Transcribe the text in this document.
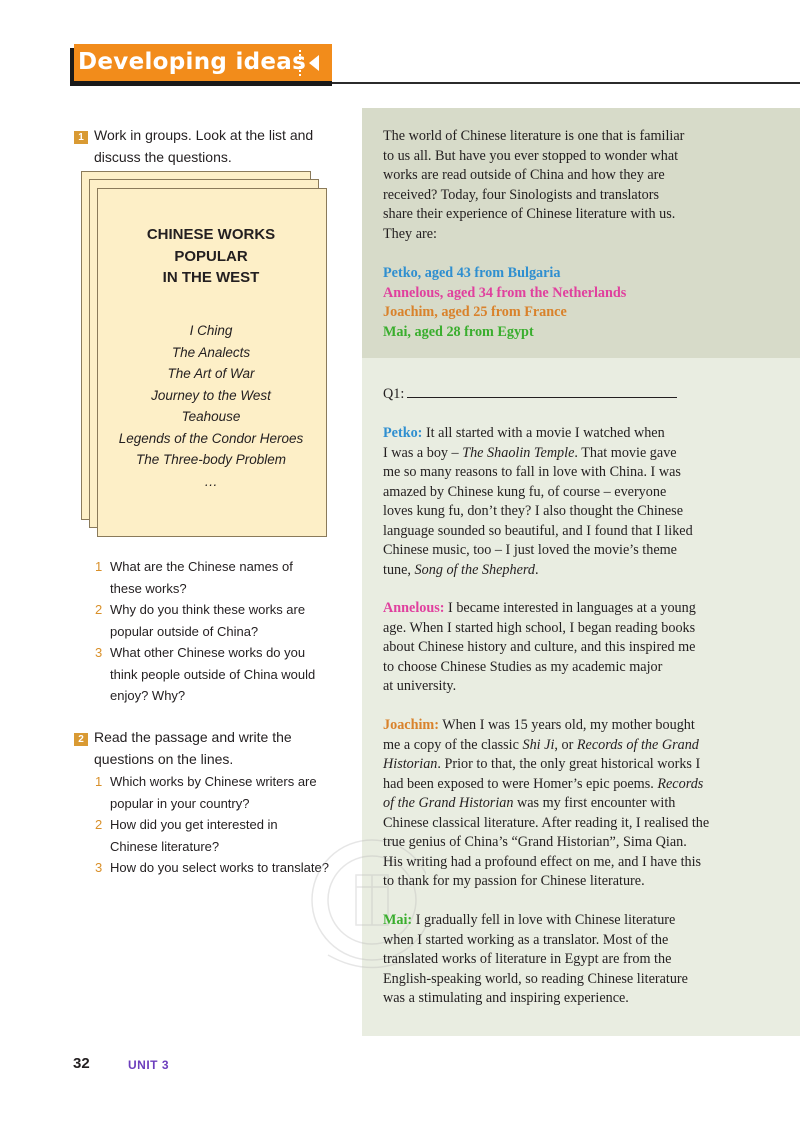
Developing ideas
1 Work in groups. Look at the list and
discuss the questions.
CHINESE WORKS
POPULAR
IN THE WEST
I Ching
The Analects
The Art of War
Journey to the West
Teahouse
Legends of the Condor Heroes
The Three-body Problem
…
1 What are the Chinese names of
these works?
2 Why do you think these works are
popular outside of China?
3 What other Chinese works do you
think people outside of China would
enjoy? Why?
2 Read the passage and write the
questions on the lines.
1 Which works by Chinese writers are
popular in your country?
2 How did you get interested in
Chinese literature?
3 How do you select works to translate?

The world of Chinese literature is one that is familiar
to us all. But have you ever stopped to wonder what
works are read outside of China and how they are
received? Today, four Sinologists and translators
share their experience of Chinese literature with us.
They are:

Petko, aged 43 from Bulgaria
Annelous, aged 34 from the Netherlands
Joachim, aged 25 from France
Mai, aged 28 from Egypt
Q1:

Petko: It all started with a movie I watched when
I was a boy – The Shaolin Temple. That movie gave
me so many reasons to fall in love with China. I was
amazed by Chinese kung fu, of course – everyone
loves kung fu, don’t they? I also thought the Chinese
language sounded so beautiful, and I found that I liked
Chinese music, too – I just loved the movie’s theme
tune, Song of the Shepherd.

Annelous: I became interested in languages at a young
age. When I started high school, I began reading books
about Chinese history and culture, and this inspired me
to choose Chinese Studies as my academic major
at university.

Joachim: When I was 15 years old, my mother bought
me a copy of the classic Shi Ji, or Records of the Grand
Historian. Prior to that, the only great historical works I
had been exposed to were Homer’s epic poems. Records
of the Grand Historian was my first encounter with
Chinese classical literature. After reading it, I realised the
true genius of China’s “Grand Historian”, Sima Qian.
His writing had a profound effect on me, and I have this
to thank for my passion for Chinese literature.

Mai: I gradually fell in love with Chinese literature
when I started working as a translator. Most of the
translated works of literature in Egypt are from the
English-speaking world, so reading Chinese literature
was a stimulating and inspiring experience.

32	UNIT 3
